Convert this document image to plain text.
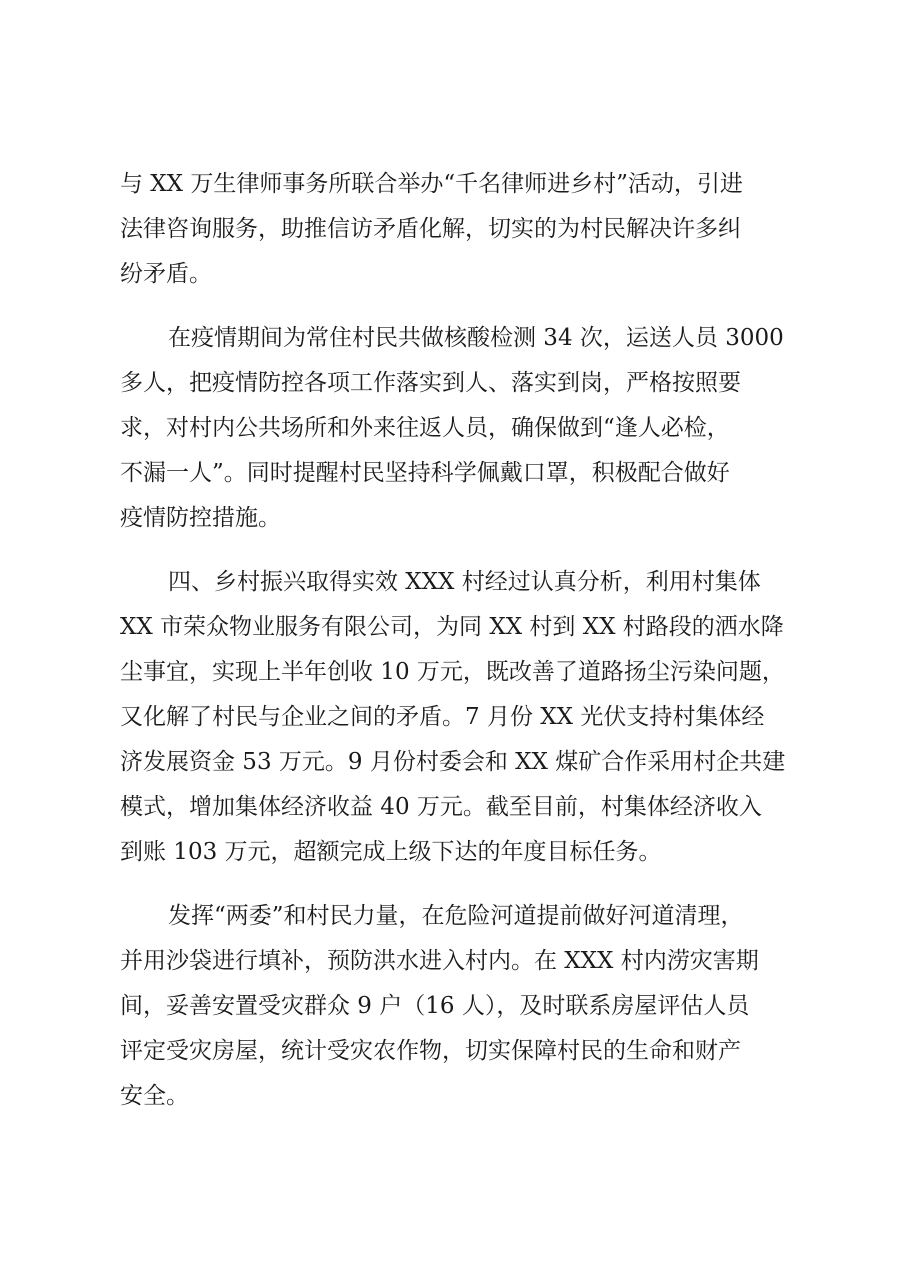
与 XX 万生律师事务所联合举办“千名律师进乡村”活动，引进
法律咨询服务，助推信访矛盾化解，切实的为村民解决许多纠
纷矛盾。
在疫情期间为常住村民共做核酸检测 34 次，运送人员 3000
多人，把疫情防控各项工作落实到人、落实到岗，严格按照要
求，对村内公共场所和外来往返人员，确保做到“逢人必检，
不漏一人”。同时提醒村民坚持科学佩戴口罩，积极配合做好
疫情防控措施。
四、乡村振兴取得实效 XXX 村经过认真分析，利用村集体
XX 市荣众物业服务有限公司，为同 XX 村到 XX 村路段的洒水降
尘事宜，实现上半年创收 10 万元，既改善了道路扬尘污染问题，
又化解了村民与企业之间的矛盾。7 月份 XX 光伏支持村集体经
济发展资金 53 万元。9 月份村委会和 XX 煤矿合作采用村企共建
模式，增加集体经济收益 40 万元。截至目前，村集体经济收入
到账 103 万元，超额完成上级下达的年度目标任务。
发挥“两委”和村民力量，在危险河道提前做好河道清理，
并用沙袋进行填补，预防洪水进入村内。在 XXX 村内涝灾害期
间，妥善安置受灾群众 9 户（16 人），及时联系房屋评估人员
评定受灾房屋，统计受灾农作物，切实保障村民的生命和财产
安全。
